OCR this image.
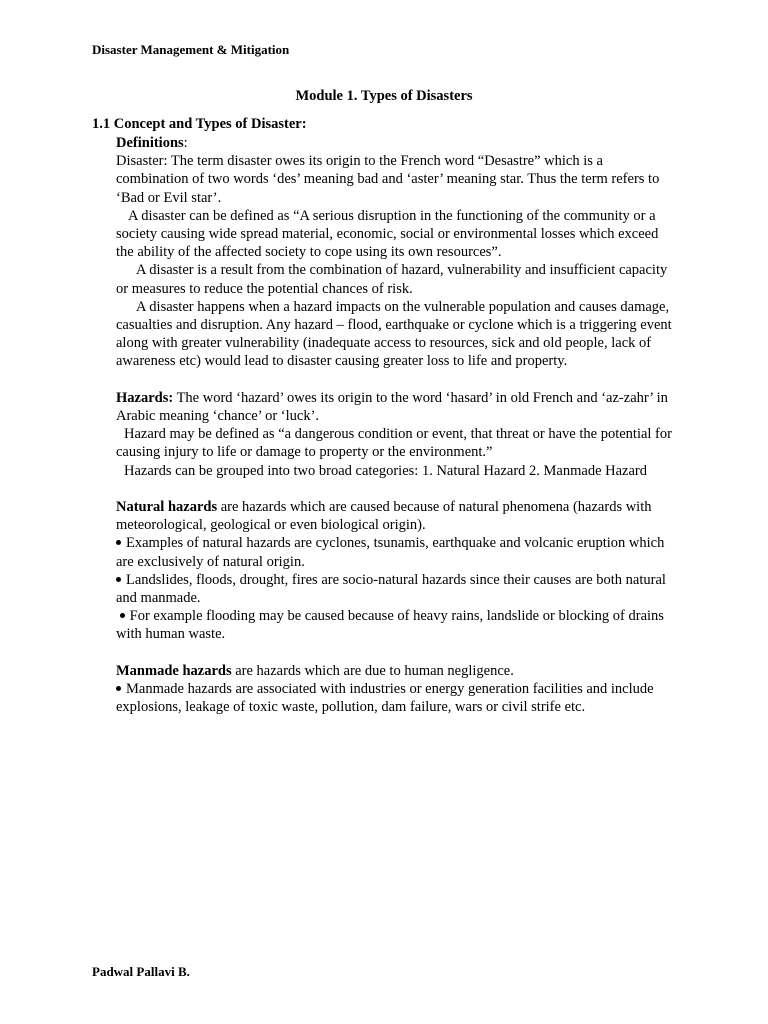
Disaster Management & Mitigation
Module 1. Types of Disasters
1.1 Concept and Types of Disaster:

Definitions:

Disaster: The term disaster owes its origin to the French word “Desastre” which is a combination of two words ‘des’ meaning bad and ‘aster’ meaning star. Thus the term refers to ‘Bad or Evil star’.

A disaster can be defined as “A serious disruption in the functioning of the community or a society causing wide spread material, economic, social or environmental losses which exceed the ability of the affected society to cope using its own resources”.

A disaster is a result from the combination of hazard, vulnerability and insufficient capacity or measures to reduce the potential chances of risk.

A disaster happens when a hazard impacts on the vulnerable population and causes damage, casualties and disruption. Any hazard – flood, earthquake or cyclone which is a triggering event along with greater vulnerability (inadequate access to resources, sick and old people, lack of awareness etc) would lead to disaster causing greater loss to life and property.

Hazards: The word ‘hazard’ owes its origin to the word ‘hasard’ in old French and ‘az-zahr’ in Arabic meaning ‘chance’ or ‘luck’.

Hazard may be defined as “a dangerous condition or event, that threat or have the potential for causing injury to life or damage to property or the environment.”

Hazards can be grouped into two broad categories: 1. Natural Hazard 2. Manmade Hazard

Natural hazards are hazards which are caused because of natural phenomena (hazards with meteorological, geological or even biological origin).

Examples of natural hazards are cyclones, tsunamis, earthquake and volcanic eruption which are exclusively of natural origin.

Landslides, floods, drought, fires are socio-natural hazards since their causes are both natural and manmade.

For example flooding may be caused because of heavy rains, landslide or blocking of drains with human waste.

Manmade hazards are hazards which are due to human negligence.

Manmade hazards are associated with industries or energy generation facilities and include explosions, leakage of toxic waste, pollution, dam failure, wars or civil strife etc.

Padwal Pallavi B.
